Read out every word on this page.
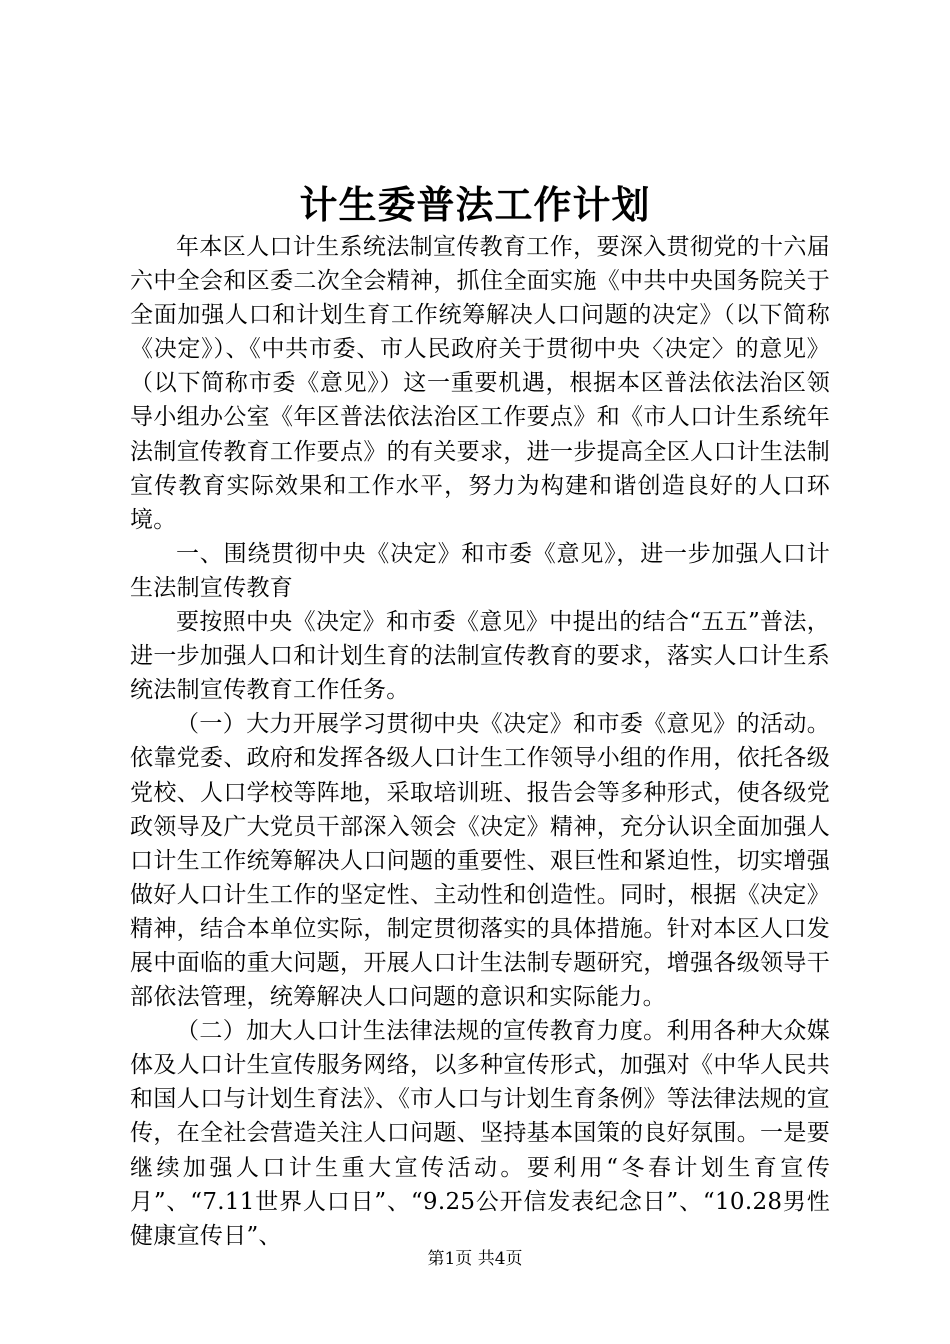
计生委普法工作计划

年本区人口计生系统法制宣传教育工作，要深入贯彻党的十六届六中全会和区委二次全会精神，抓住全面实施《中共中央国务院关于全面加强人口和计划生育工作统筹解决人口问题的决定》（以下简称《决定》）、《中共市委、市人民政府关于贯彻中央〈决定〉的意见》（以下简称市委《意见》）这一重要机遇，根据本区普法依法治区领导小组办公室《年区普法依法治区工作要点》和《市人口计生系统年法制宣传教育工作要点》的有关要求，进一步提高全区人口计生法制宣传教育实际效果和工作水平，努力为构建和谐创造良好的人口环境。

一、围绕贯彻中央《决定》和市委《意见》，进一步加强人口计生法制宣传教育

要按照中央《决定》和市委《意见》中提出的结合“五五”普法，进一步加强人口和计划生育的法制宣传教育的要求，落实人口计生系统法制宣传教育工作任务。

（一）大力开展学习贯彻中央《决定》和市委《意见》的活动。依靠党委、政府和发挥各级人口计生工作领导小组的作用，依托各级党校、人口学校等阵地，采取培训班、报告会等多种形式，使各级党政领导及广大党员干部深入领会《决定》精神，充分认识全面加强人口计生工作统筹解决人口问题的重要性、艰巨性和紧迫性，切实增强做好人口计生工作的坚定性、主动性和创造性。同时，根据《决定》精神，结合本单位实际，制定贯彻落实的具体措施。针对本区人口发展中面临的重大问题，开展人口计生法制专题研究，增强各级领导干部依法管理，统筹解决人口问题的意识和实际能力。

（二）加大人口计生法律法规的宣传教育力度。利用各种大众媒体及人口计生宣传服务网络，以多种宣传形式，加强对《中华人民共和国人口与计划生育法》、《市人口与计划生育条例》等法律法规的宣传，在全社会营造关注人口问题、坚持基本国策的良好氛围。一是要继续加强人口计生重大宣传活动。要利用“冬春计划生育宣传月”、“7.11世界人口日”、“9.25公开信发表纪念日”、“10.28男性健康宣传日”、

第1页 共4页
